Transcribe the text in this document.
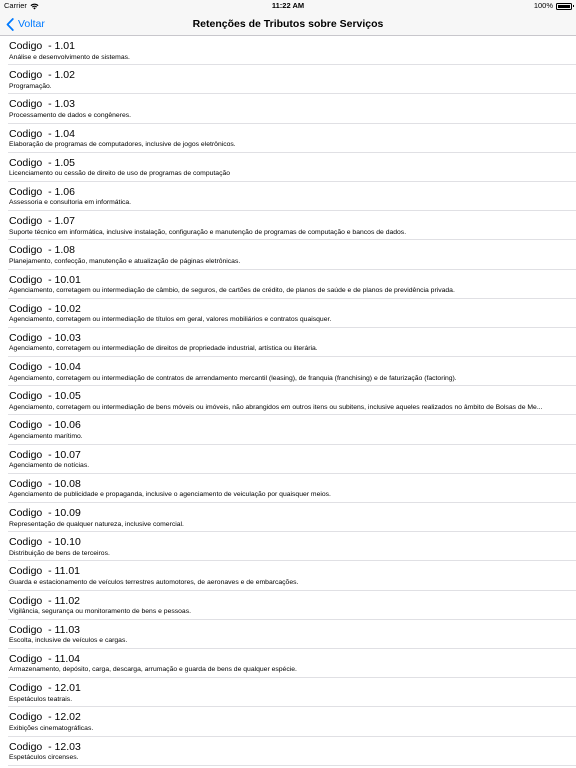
Carrier	11:22 AM	100%
Voltar	Retenções de Tributos sobre Serviços
Codigo  - 1.01
Análise e desenvolvimento de sistemas.
Codigo  - 1.02
Programação.
Codigo  - 1.03
Processamento de dados e congêneres.
Codigo  - 1.04
Elaboração de programas de computadores, inclusive de jogos eletrônicos.
Codigo  - 1.05
Licenciamento ou cessão de direito de uso de programas de computação
Codigo  - 1.06
Assessoria e consultoria em informática.
Codigo  - 1.07
Suporte técnico em informática, inclusive instalação, configuração e manutenção de programas de computação e bancos de dados.
Codigo  - 1.08
Planejamento, confecção, manutenção e atualização de páginas eletrônicas.
Codigo  - 10.01
Agenciamento, corretagem ou intermediação de câmbio, de seguros, de cartões de crédito, de planos de saúde e de planos de previdência privada.
Codigo  - 10.02
Agenciamento, corretagem ou intermediação de títulos em geral, valores mobiliários e contratos quaisquer.
Codigo  - 10.03
Agenciamento, corretagem ou intermediação de direitos de propriedade industrial, artística ou literária.
Codigo  - 10.04
Agenciamento, corretagem ou intermediação de contratos de arrendamento mercantil (leasing), de franquia (franchising) e de faturização (factoring).
Codigo  - 10.05
Agenciamento, corretagem ou intermediação de bens móveis ou imóveis, não abrangidos em outros itens ou subitens, inclusive aqueles realizados no âmbito de Bolsas de Me...
Codigo  - 10.06
Agenciamento marítimo.
Codigo  - 10.07
Agenciamento de notícias.
Codigo  - 10.08
Agenciamento de publicidade e propaganda, inclusive o agenciamento de veiculação por quaisquer meios.
Codigo  - 10.09
Representação de qualquer natureza, inclusive comercial.
Codigo  - 10.10
Distribuição de bens de terceiros.
Codigo  - 11.01
Guarda e estacionamento de veículos terrestres automotores, de aeronaves e de embarcações.
Codigo  - 11.02
Vigilância, segurança ou monitoramento de bens e pessoas.
Codigo  - 11.03
Escolta, inclusive de veículos e cargas.
Codigo  - 11.04
Armazenamento, depósito, carga, descarga, arrumação e guarda de bens de qualquer espécie.
Codigo  - 12.01
Espetáculos teatrais.
Codigo  - 12.02
Exibições cinematográficas.
Codigo  - 12.03
Espetáculos circenses.
